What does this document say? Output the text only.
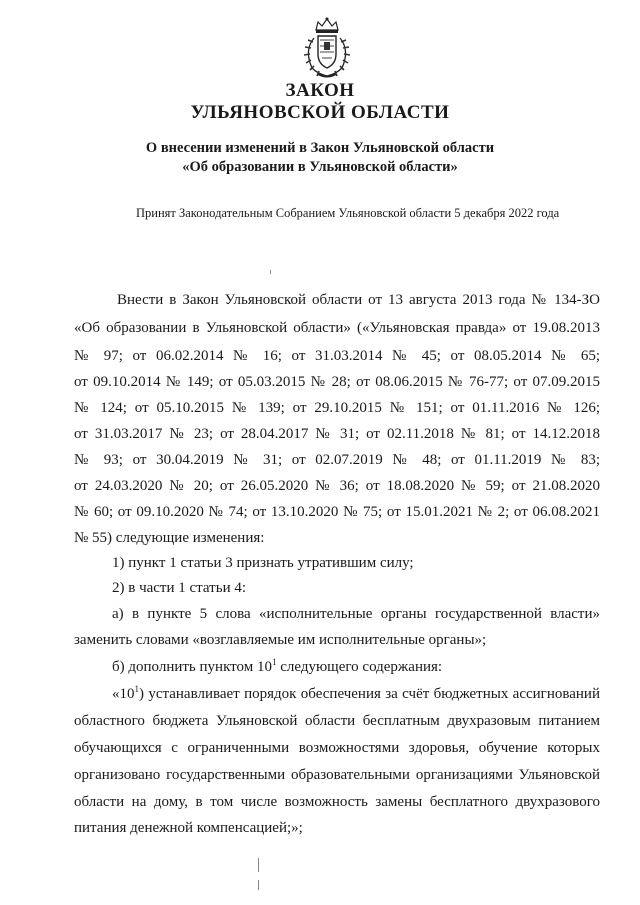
ЗАКОН
УЛЬЯНОВСКОЙ ОБЛАСТИ
О внесении изменений в Закон Ульяновской области
«Об образовании в Ульяновской области»
Принят Законодательным Собранием Ульяновской области 5 декабря 2022 года
Внести в Закон Ульяновской области от 13 августа 2013 года № 134-ЗО
«Об образовании в Ульяновской области» («Ульяновская правда» от 19.08.2013
№ 97; от 06.02.2014 № 16; от 31.03.2014 № 45; от 08.05.2014 № 65;
от 09.10.2014 № 149; от 05.03.2015 № 28; от 08.06.2015 № 76-77; от 07.09.2015
№ 124; от 05.10.2015 № 139; от 29.10.2015 № 151; от 01.11.2016 № 126;
от 31.03.2017 № 23; от 28.04.2017 № 31; от 02.11.2018 № 81; от 14.12.2018
№ 93; от 30.04.2019 № 31; от 02.07.2019 № 48; от 01.11.2019 № 83;
от 24.03.2020 № 20; от 26.05.2020 № 36; от 18.08.2020 № 59; от 21.08.2020
№ 60; от 09.10.2020 № 74; от 13.10.2020 № 75; от 15.01.2021 № 2; от 06.08.2021
№ 55) следующие изменения:
1) пункт 1 статьи 3 признать утратившим силу;
2) в части 1 статьи 4:
а) в пункте 5 слова «исполнительные органы государственной власти»
заменить словами «возглавляемые им исполнительные органы»;
б) дополнить пунктом $10^1$ следующего содержания:
«$10^1$) устанавливает порядок обеспечения за счёт бюджетных ассигнований
областного бюджета Ульяновской области бесплатным двухразовым питанием
обучающихся с ограниченными возможностями здоровья, обучение которых
организовано государственными образовательными организациями Ульяновской
области на дому, в том числе возможность замены бесплатного двухразового
питания денежной компенсацией;»;
